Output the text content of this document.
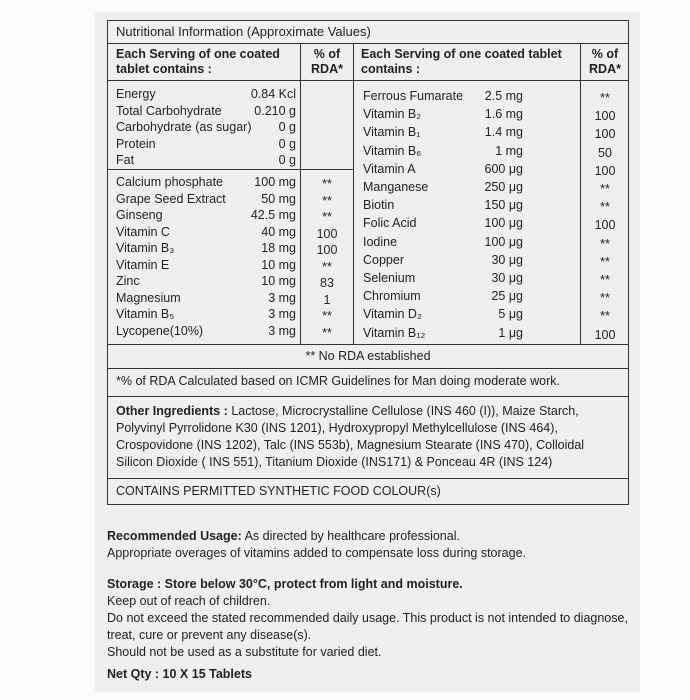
Nutritional Information (Approximate Values)
Each Serving of one coated tablet contains :
% of RDA*
Each Serving of one coated tablet contains :
% of RDA*
Energy	0.84 Kcl
Total Carbohydrate	0.210 g
Carbohydrate (as sugar)	0 g
Protein	0 g
Fat	0 g
Calcium phosphate	100 mg	**
Grape Seed Extract	50 mg	**
Ginseng	42.5 mg	**
Vitamin C	40 mg	100
Vitamin B₃	18 mg	100
Vitamin E	10 mg	**
Zinc	10 mg	83
Magnesium	3 mg	1
Vitamin B₅	3 mg	**
Lycopene(10%)	3 mg	**
Ferrous Fumarate	2.5 mg	**
Vitamin B₂	1.6 mg	100
Vitamin B₁	1.4 mg	100
Vitamin B₆	1 mg	50
Vitamin A	600 μg	100
Manganese	250 μg	**
Biotin	150 μg	**
Folic Acid	100 μg	100
Iodine	100 μg	**
Copper	30 μg	**
Selenium	30 μg	**
Chromium	25 μg	**
Vitamin D₂	5 μg	**
Vitamin B₁₂	1 μg	100
** No RDA established
*% of RDA Calculated based on ICMR Guidelines for Man doing moderate work.
Other Ingredients : Lactose, Microcrystalline Cellulose (INS 460 (I)), Maize Starch, Polyvinyl Pyrrolidone K30 (INS 1201), Hydroxypropyl Methylcellulose (INS 464), Crospovidone (INS 1202), Talc (INS 553b), Magnesium Stearate (INS 470), Colloidal Silicon Dioxide ( INS 551), Titanium Dioxide (INS171) & Ponceau 4R (INS 124)
CONTAINS PERMITTED SYNTHETIC FOOD COLOUR(s)

Recommended Usage: As directed by healthcare professional.

Appropriate overages of vitamins added to compensate loss during storage.

Storage : Store below 30°C, protect from light and moisture.

Keep out of reach of children.

Do not exceed the stated recommended daily usage. This product is not intended to diagnose, treat, cure or prevent any disease(s).

Should not be used as a substitute for varied diet.

Net Qty : 10 X 15 Tablets
